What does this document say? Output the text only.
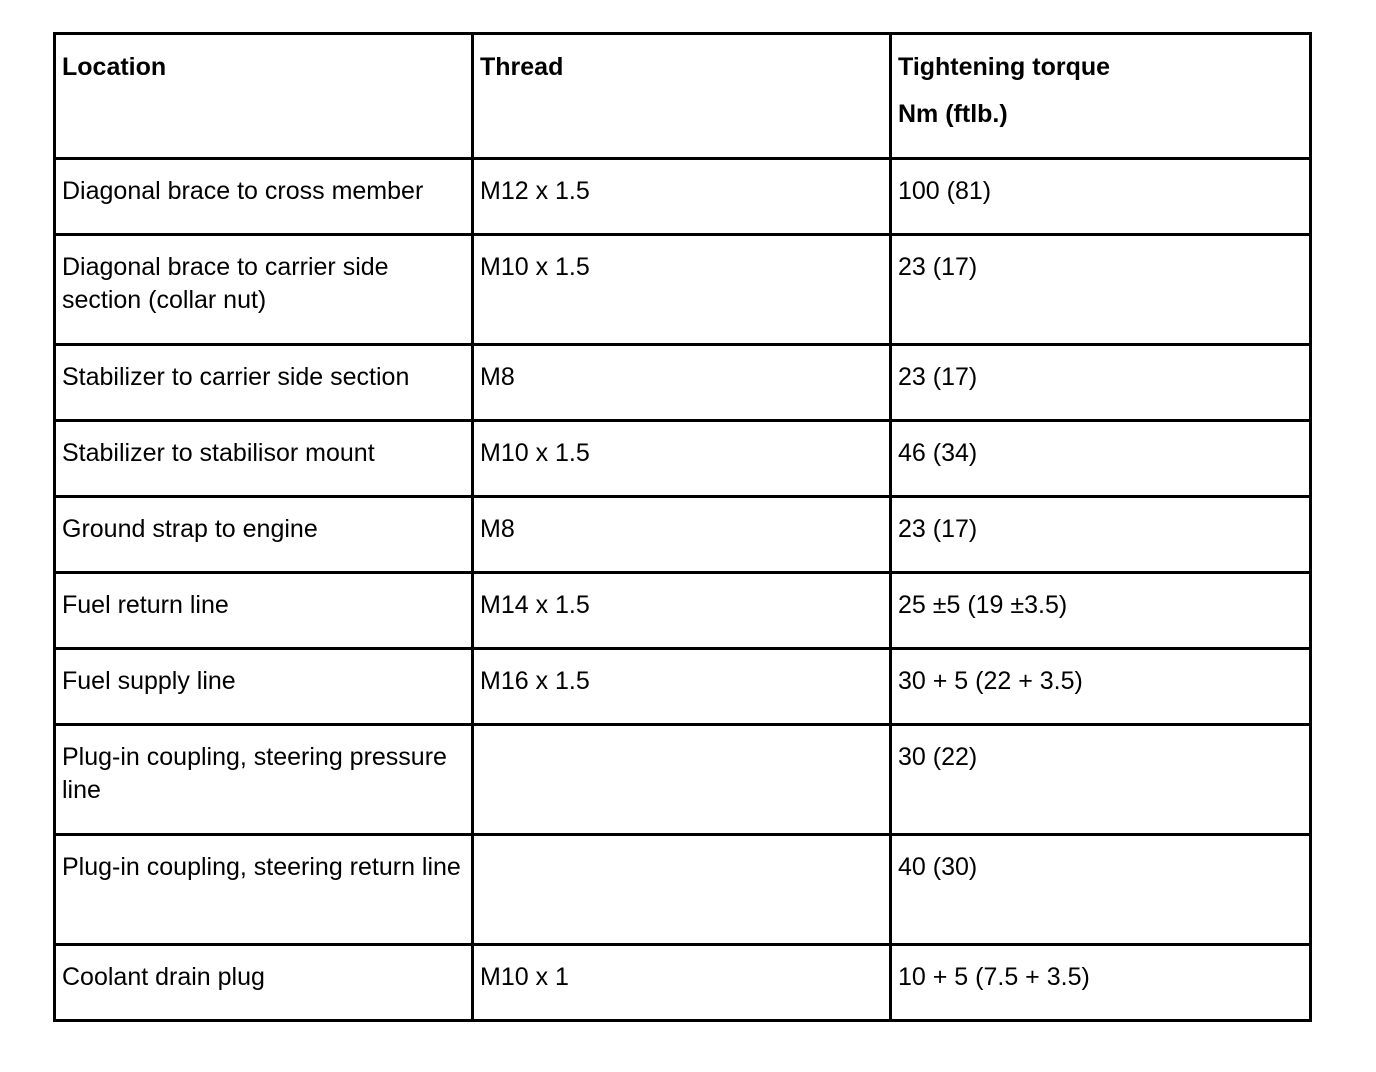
Location	Thread	Tightening torque
Nm (ftlb.)

Diagonal brace to cross member	M12 x 1.5	100 (81)
Diagonal brace to carrier side section (collar nut)	M10 x 1.5	23 (17)
Stabilizer to carrier side section	M8	23 (17)
Stabilizer to stabilisor mount	M10 x 1.5	46 (34)
Ground strap to engine	M8	23 (17)
Fuel return line	M14 x 1.5	25 ±5 (19 ±3.5)
Fuel supply line	M16 x 1.5	30 + 5 (22 + 3.5)
Plug-in coupling, steering pressure line		30 (22)
Plug-in coupling, steering return line		40 (30)
Coolant drain plug	M10 x 1	10 + 5 (7.5 + 3.5)
